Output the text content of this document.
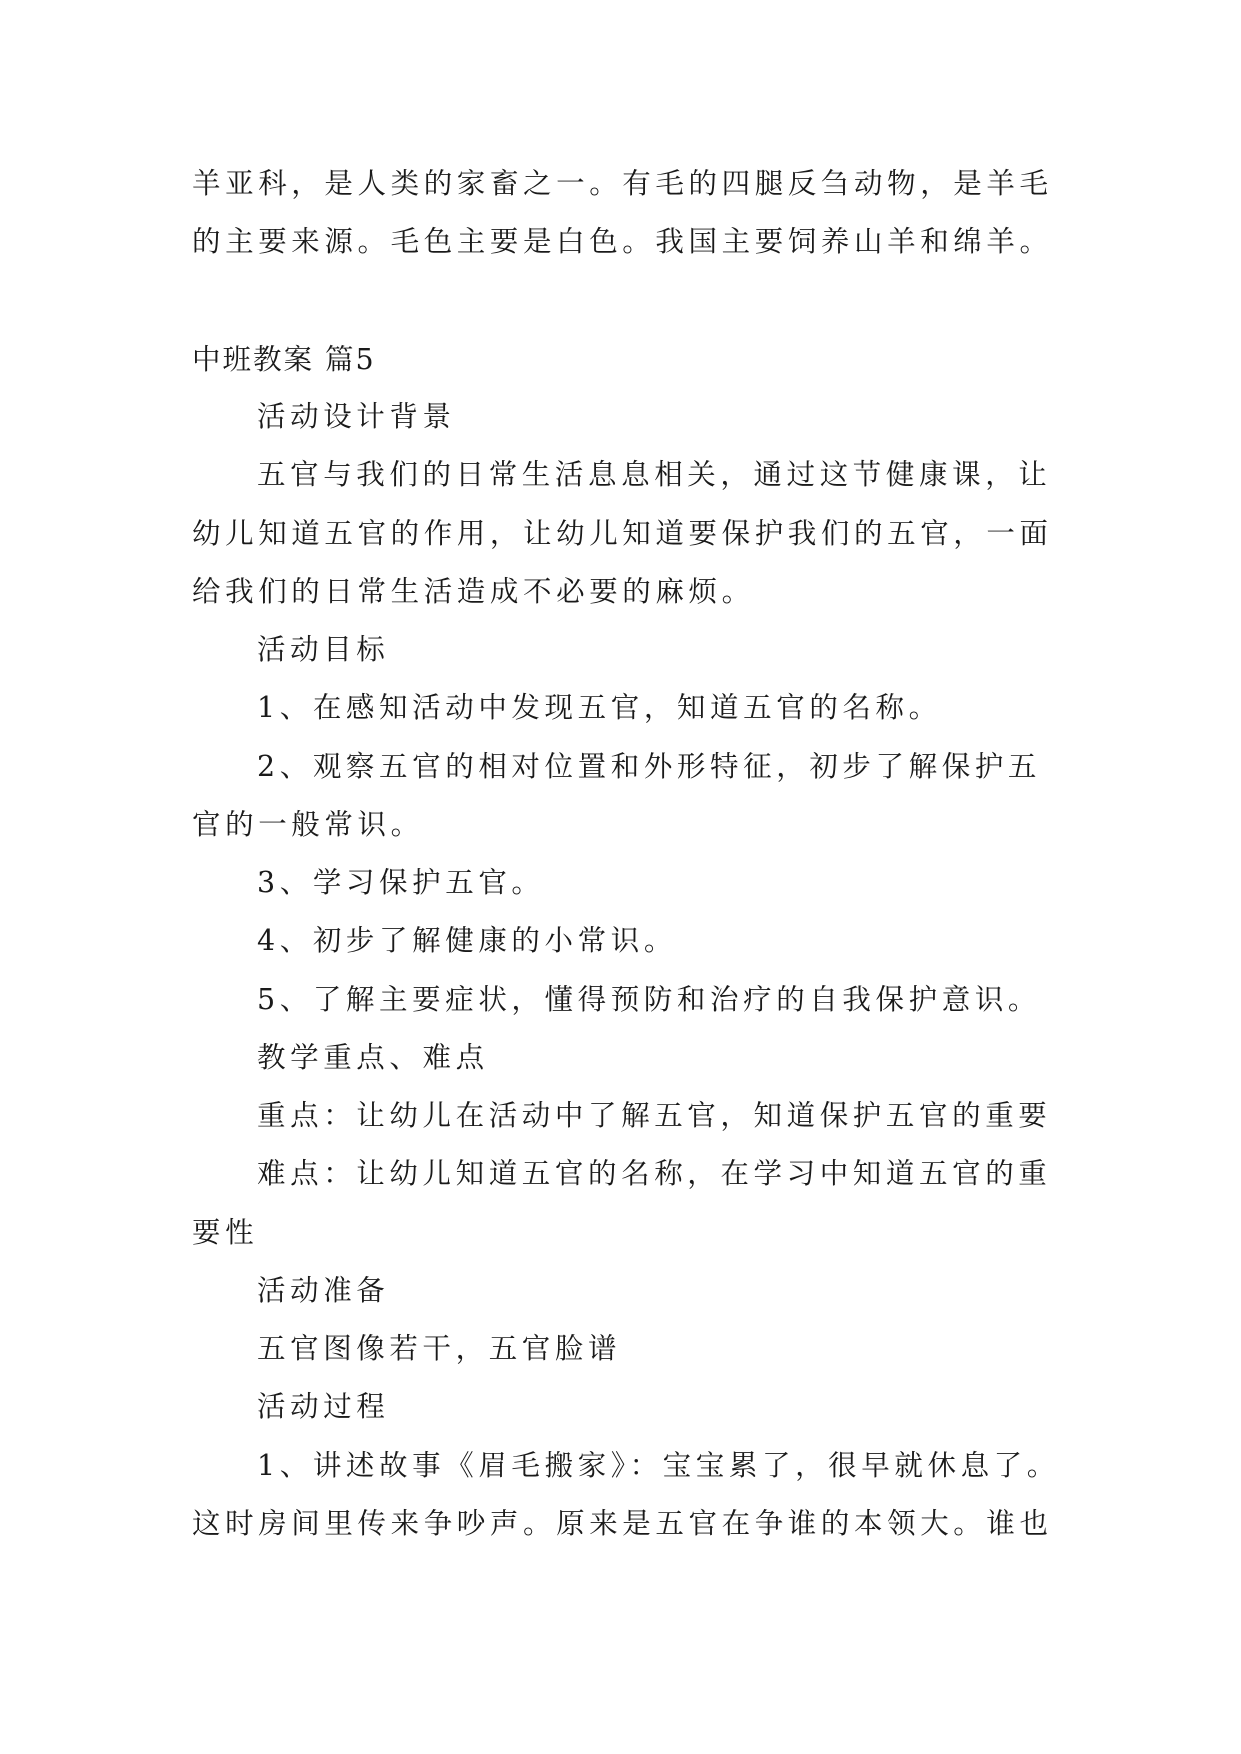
羊亚科，是人类的家畜之一。有毛的四腿反刍动物，是羊毛
的主要来源。毛色主要是白色。我国主要饲养山羊和绵羊。
中班教案 篇5
活动设计背景
五官与我们的日常生活息息相关，通过这节健康课，让
幼儿知道五官的作用，让幼儿知道要保护我们的五官，一面
给我们的日常生活造成不必要的麻烦。
活动目标
1、在感知活动中发现五官，知道五官的名称。
2、观察五官的相对位置和外形特征，初步了解保护五
官的一般常识。
3、学习保护五官。
4、初步了解健康的小常识。
5、了解主要症状，懂得预防和治疗的自我保护意识。
教学重点、难点
重点：让幼儿在活动中了解五官，知道保护五官的重要
难点：让幼儿知道五官的名称，在学习中知道五官的重
要性
活动准备
五官图像若干，五官脸谱
活动过程
1、讲述故事《眉毛搬家》：宝宝累了，很早就休息了。
这时房间里传来争吵声。原来是五官在争谁的本领大。谁也
